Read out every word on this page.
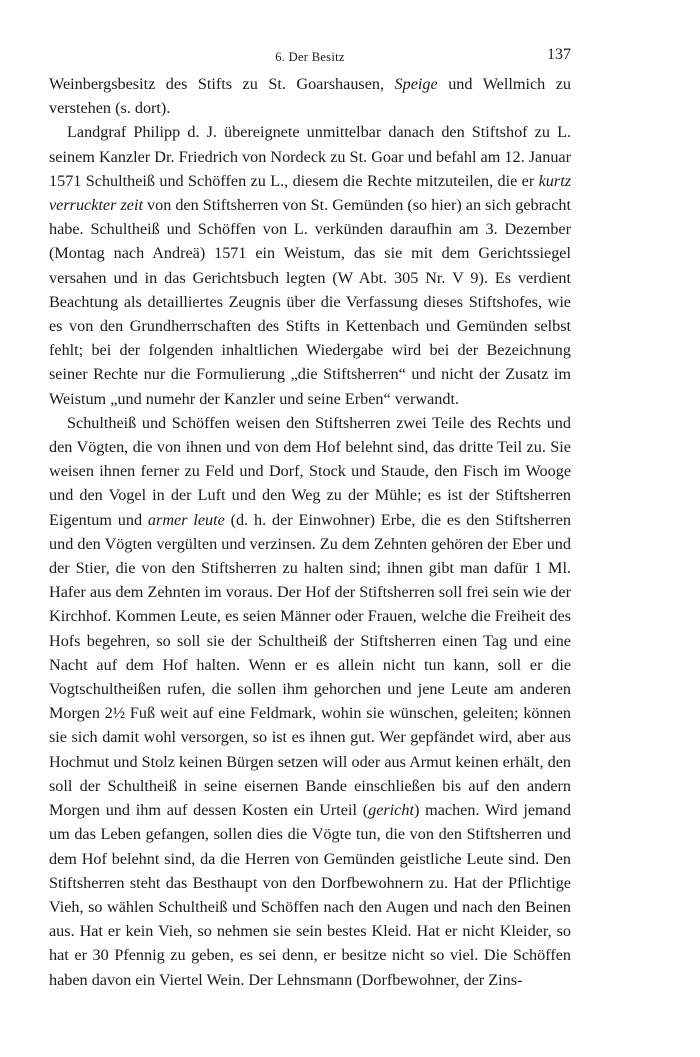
6. Der Besitz	137

Weinbergsbesitz des Stifts zu St. Goarshausen, Speige und Wellmich zu verstehen (s. dort).

Landgraf Philipp d. J. übereignete unmittelbar danach den Stiftshof zu L. seinem Kanzler Dr. Friedrich von Nordeck zu St. Goar und befahl am 12. Januar 1571 Schultheiß und Schöffen zu L., diesem die Rechte mitzuteilen, die er kurtz verruckter zeit von den Stiftsherren von St. Gemünden (so hier) an sich gebracht habe. Schultheiß und Schöffen von L. verkünden daraufhin am 3. Dezember (Montag nach Andreä) 1571 ein Weistum, das sie mit dem Gerichtssiegel versahen und in das Gerichtsbuch legten (W Abt. 305 Nr. V 9). Es verdient Beachtung als detailliertes Zeugnis über die Verfassung dieses Stiftshofes, wie es von den Grundherrschaften des Stifts in Kettenbach und Gemünden selbst fehlt; bei der folgenden inhaltlichen Wiedergabe wird bei der Bezeichnung seiner Rechte nur die Formulierung „die Stiftsherren“ und nicht der Zusatz im Weistum „und numehr der Kanzler und seine Erben“ verwandt.

Schultheiß und Schöffen weisen den Stiftsherren zwei Teile des Rechts und den Vögten, die von ihnen und von dem Hof belehnt sind, das dritte Teil zu. Sie weisen ihnen ferner zu Feld und Dorf, Stock und Staude, den Fisch im Wooge und den Vogel in der Luft und den Weg zu der Mühle; es ist der Stiftsherren Eigentum und armer leute (d. h. der Einwohner) Erbe, die es den Stiftsherren und den Vögten vergülten und verzinsen. Zu dem Zehnten gehören der Eber und der Stier, die von den Stiftsherren zu halten sind; ihnen gibt man dafür 1 Ml. Hafer aus dem Zehnten im voraus. Der Hof der Stiftsherren soll frei sein wie der Kirchhof. Kommen Leute, es seien Männer oder Frauen, welche die Freiheit des Hofs begehren, so soll sie der Schultheiß der Stiftsherren einen Tag und eine Nacht auf dem Hof halten. Wenn er es allein nicht tun kann, soll er die Vogtschultheißen rufen, die sollen ihm gehorchen und jene Leute am anderen Morgen 2½ Fuß weit auf eine Feldmark, wohin sie wünschen, geleiten; können sie sich damit wohl versorgen, so ist es ihnen gut. Wer gepfändet wird, aber aus Hochmut und Stolz keinen Bürgen setzen will oder aus Armut keinen erhält, den soll der Schultheiß in seine eisernen Bande einschließen bis auf den andern Morgen und ihm auf dessen Kosten ein Urteil (gericht) machen. Wird jemand um das Leben gefangen, sollen dies die Vögte tun, die von den Stiftsherren und dem Hof belehnt sind, da die Herren von Gemünden geistliche Leute sind. Den Stiftsherren steht das Besthaupt von den Dorfbewohnern zu. Hat der Pflichtige Vieh, so wählen Schultheiß und Schöffen nach den Augen und nach den Beinen aus. Hat er kein Vieh, so nehmen sie sein bestes Kleid. Hat er nicht Kleider, so hat er 30 Pfennig zu geben, es sei denn, er besitze nicht so viel. Die Schöffen haben davon ein Viertel Wein. Der Lehnsmann (Dorfbewohner, der Zins-
